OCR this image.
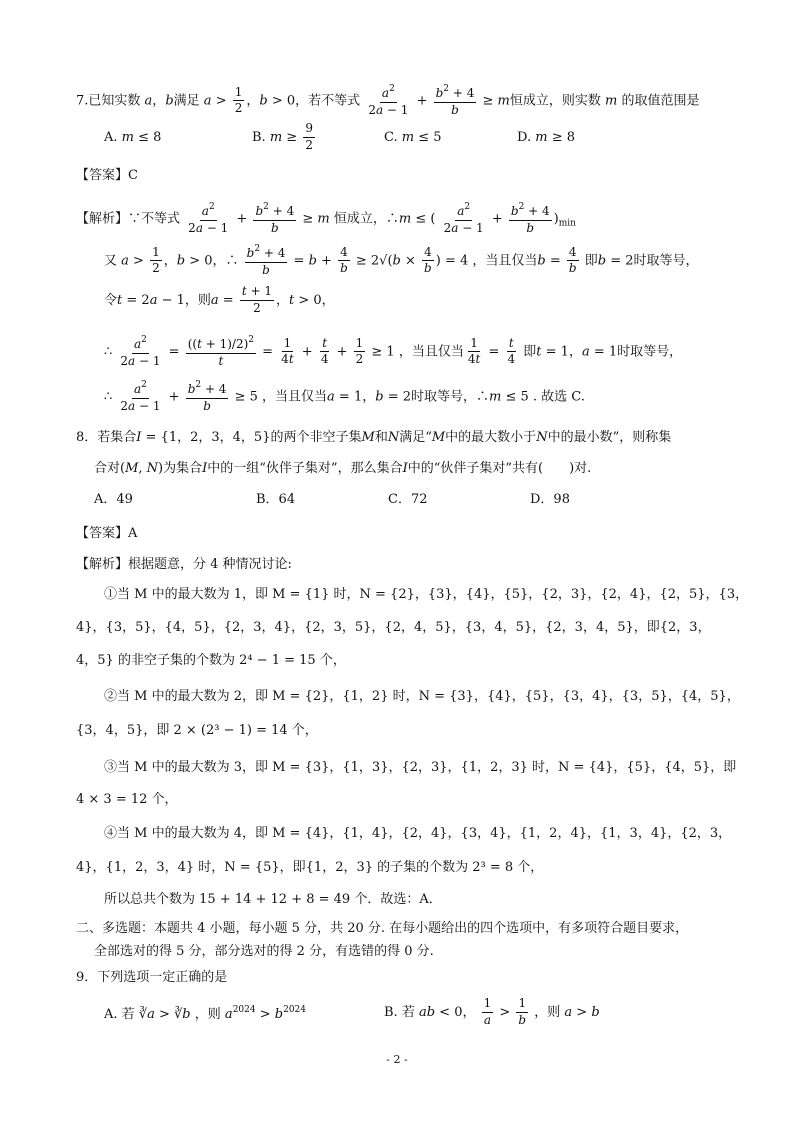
7.已知实数 a，b满足 $a > \frac{1}{2}$ ，b > 0，若不等式 $\frac{a^2}{2a - 1} + \frac{b^2 + 4}{b} \ge m$恒成立，则实数 m 的取值范围是
A. m ≤ 8	B. $m \ge \frac{9}{2}$	C. m ≤ 5	D. m ≥ 8
【答案】C
【解析】∵不等式 $\frac{a^2}{2a - 1} + \frac{b^2 + 4}{b} \ge m$ 恒成立，∴m ≤ ( $\frac{a^2}{2a - 1} + \frac{b^2 + 4}{b} )_{min}$
又 $a > \frac{1}{2}$ ，b > 0，∴ $\frac{b^2 + 4}{b} = b + \frac{4}{b} \ge 2√(b \times \frac{4}{b}$ ) = 4 ，当且仅当$b = \frac{4}{b}$ 即b = 2时取等号，
令t = 2a − 1，则$a = \frac{t + 1}{2}$ ，t > 0，
∴ $\frac{a^2}{2a - 1} = \frac{((t + 1)/2)^2}{t} = \frac{1}{4t} + \frac{t}{4} + \frac{1}{2} \ge 1$ ，当且仅当 $\frac{1}{4t} = \frac{t}{4}$ 即t = 1，a = 1时取等号，
∴ $\frac{a^2}{2a - 1} + \frac{b^2 + 4}{b} \ge 5$ ，当且仅当a = 1，b = 2时取等号，∴m ≤ 5 . 故选 C.
8．若集合I = {1，2，3，4，5}的两个非空子集M和N满足“M中的最大数小于N中的最小数”，则称集
合对(M, N)为集合I中的一组“伙伴子集对”，那么集合I中的“伙伴子集对”共有(　　)对.
A．49	B．64	C．72	D．98
【答案】A
【解析】根据题意，分 4 种情况讨论:
①当 M 中的最大数为 1，即 M = {1} 时，N = {2}，{3}，{4}，{5}，{2，3}，{2，4}，{2，5}，{3，
4}，{3，5}，{4，5}，{2，3，4}，{2，3，5}，{2，4，5}，{3，4，5}，{2，3，4，5}，即{2，3，
4，5} 的非空子集的个数为 2⁴ − 1 = 15 个，
②当 M 中的最大数为 2，即 M = {2}，{1，2} 时，N = {3}，{4}，{5}，{3，4}，{3，5}，{4，5}，
{3，4，5}，即 2 × (2³ − 1) = 14 个，
③当 M 中的最大数为 3，即 M = {3}，{1，3}，{2，3}，{1，2，3} 时，N = {4}，{5}，{4，5}，即
4 × 3 = 12 个，
④当 M 中的最大数为 4，即 M = {4}，{1，4}，{2，4}，{3，4}，{1，2，4}，{1，3，4}，{2，3，
4}，{1，2，3，4} 时，N = {5}，即{1，2，3} 的子集的个数为 2³ = 8 个，
所以总共个数为 15 + 14 + 12 + 8 = 49 个．故选：A．
二、多选题：本题共 4 小题，每小题 5 分，共 20 分. 在每小题给出的四个选项中，有多项符合题目要求，
全部选对的得 5 分，部分选对的得 2 分，有选错的得 0 分.
9．下列选项一定正确的是
A. 若 ∛a > ∛b ，则 $a^{2024} > b^{2024}$	B. 若 ab < 0， $\frac{1}{a} > \frac{1}{b}$ ，则 a > b
- 2 -
